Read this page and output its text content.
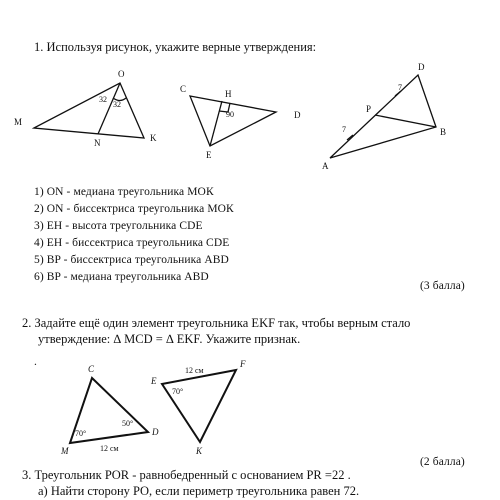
1. Используя рисунок, укажите верные утверждения:
M
O
N	K
32
32
C	H
D
E
90
D
P
A
B
7
7
1) ON - медиана треугольника МОК
2) ON - биссектриса треугольника МОК
3) EH - высота треугольника CDE
4) EH - биссектриса треугольника CDE
5) BP - биссектриса треугольника ABD
6) BP - медиана треугольника ABD
(3 балла)
2. Задайте ещё один элемент треугольника EKF так, чтобы верным стало
утверждение: ∆ MCD = ∆ EKF. Укажите признак.
.
C
M
D
70°
50°
12 см
E
F
K
70°
12 см
(2 балла)
3. Треугольник POR - равнобедренный с основанием PR =22 .
а) Найти сторону PO, если периметр треугольника равен 72.
